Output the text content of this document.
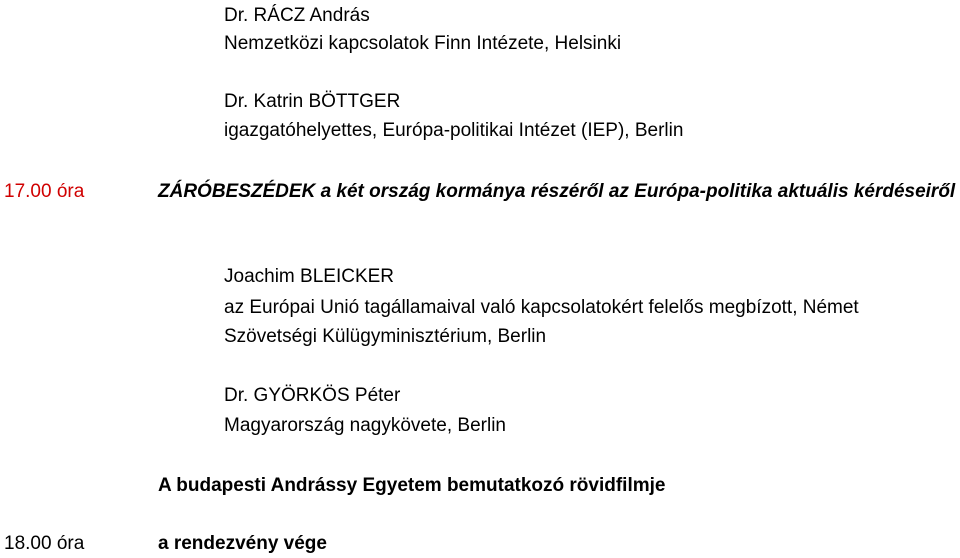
Dr. RÁCZ András
Nemzetközi kapcsolatok Finn Intézete, Helsinki
Dr. Katrin BÖTTGER
igazgatóhelyettes, Európa-politikai Intézet (IEP), Berlin
17.00 óra	ZÁRÓBESZÉDEK a két ország kormánya részéről az Európa-politika aktuális kérdéseiről
Joachim BLEICKER
az Európai Unió tagállamaival való kapcsolatokért felelős megbízott, Német
Szövetségi Külügyminisztérium, Berlin
Dr. GYÖRKÖS Péter
Magyarország nagykövete, Berlin
A budapesti Andrássy Egyetem bemutatkozó rövidfilmje
18.00 óra	a rendezvény vége
